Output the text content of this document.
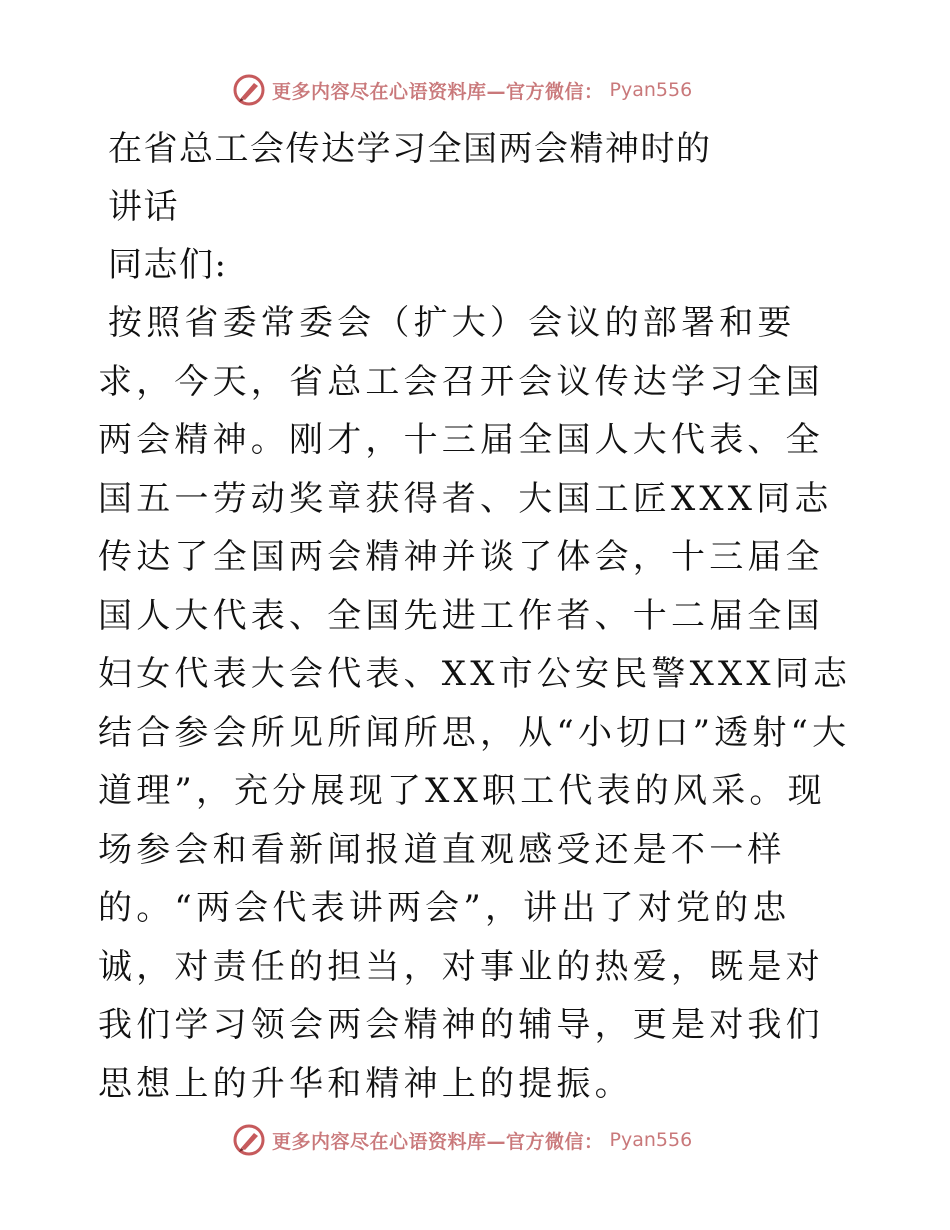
更多内容尽在心语资料库—官方微信： Pyan556
在省总工会传达学习全国两会精神时的
讲话
同志们:

按照省委常委会（扩大）会议的部署和要求，今天，省总工会召开会议传达学习全国两会精神。刚才，十三届全国人大代表、全国五一劳动奖章获得者、大国工匠XXX同志传达了全国两会精神并谈了体会，十三届全国人大代表、全国先进工作者、十二届全国妇女代表大会代表、XX市公安民警XXX同志结合参会所见所闻所思，从“小切口”透射“大道理”，充分展现了XX职工代表的风采。现场参会和看新闻报道直观感受还是不一样的。“两会代表讲两会”，讲出了对党的忠诚，对责任的担当，对事业的热爱，既是对我们学习领会两会精神的辅导，更是对我们思想上的升华和精神上的提振。

更多内容尽在心语资料库—官方微信： Pyan556
